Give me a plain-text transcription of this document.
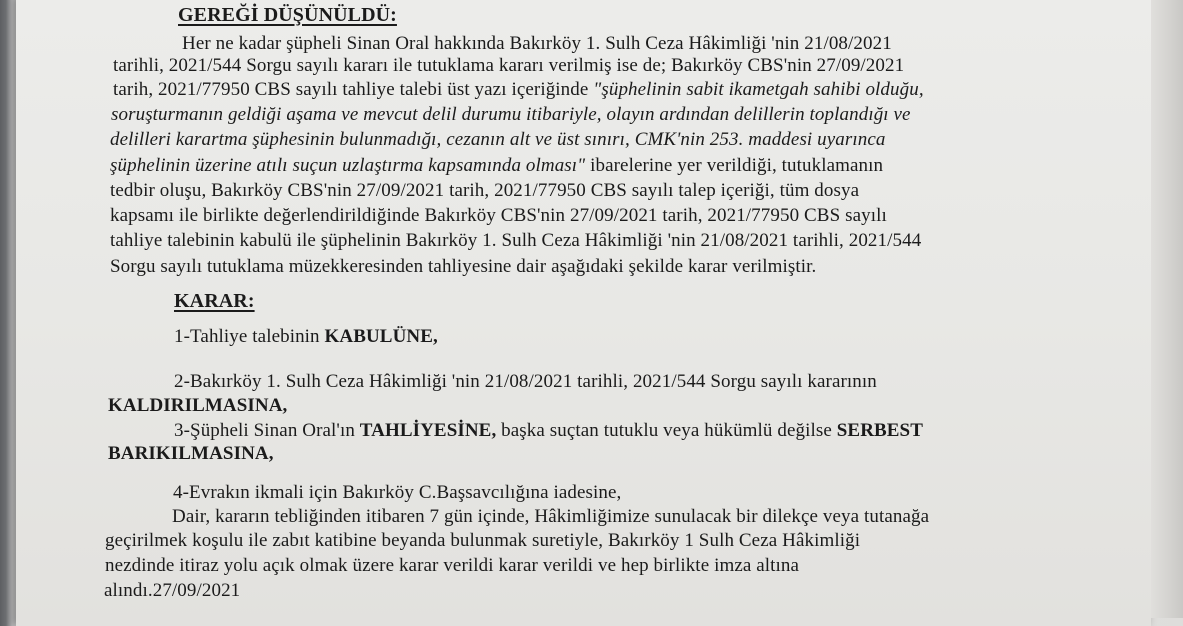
GEREĞİ DÜŞÜNÜLDÜ:
Her ne kadar şüpheli Sinan Oral hakkında Bakırköy 1. Sulh Ceza Hâkimliği 'nin 21/08/2021
tarihli, 2021/544 Sorgu sayılı kararı ile tutuklama kararı verilmiş ise de; Bakırköy CBS'nin 27/09/2021
tarih, 2021/77950 CBS sayılı tahliye talebi üst yazı içeriğinde "şüphelinin sabit ikametgah sahibi olduğu,
soruşturmanın geldiği aşama ve mevcut delil durumu itibariyle, olayın ardından delillerin toplandığı ve
delilleri karartma şüphesinin bulunmadığı, cezanın alt ve üst sınırı, CMK'nin 253. maddesi uyarınca
şüphelinin üzerine atılı suçun uzlaştırma kapsamında olması" ibarelerine yer verildiği, tutuklamanın
tedbir oluşu, Bakırköy CBS'nin 27/09/2021 tarih, 2021/77950 CBS sayılı talep içeriği, tüm dosya
kapsamı ile birlikte değerlendirildiğinde Bakırköy CBS'nin 27/09/2021 tarih, 2021/77950 CBS sayılı
tahliye talebinin kabulü ile şüphelinin Bakırköy 1. Sulh Ceza Hâkimliği 'nin 21/08/2021 tarihli, 2021/544
Sorgu sayılı tutuklama müzekkeresinden tahliyesine dair aşağıdaki şekilde karar verilmiştir.
KARAR:
1-Tahliye talebinin KABULÜNE,
2-Bakırköy 1. Sulh Ceza Hâkimliği 'nin 21/08/2021 tarihli, 2021/544 Sorgu sayılı kararının
KALDIRILMASINA,
3-Şüpheli Sinan Oral'ın TAHLİYESİNE, başka suçtan tutuklu veya hükümlü değilse SERBEST
BARIKILMASINA,
4-Evrakın ikmali için Bakırköy C.Başsavcılığına iadesine,
Dair, kararın tebliğinden itibaren 7 gün içinde, Hâkimliğimize sunulacak bir dilekçe veya tutanağa
geçirilmek koşulu ile zabıt katibine beyanda bulunmak suretiyle, Bakırköy 1 Sulh Ceza Hâkimliği
nezdinde itiraz yolu açık olmak üzere karar verildi karar verildi ve hep birlikte imza altına
alındı.27/09/2021
